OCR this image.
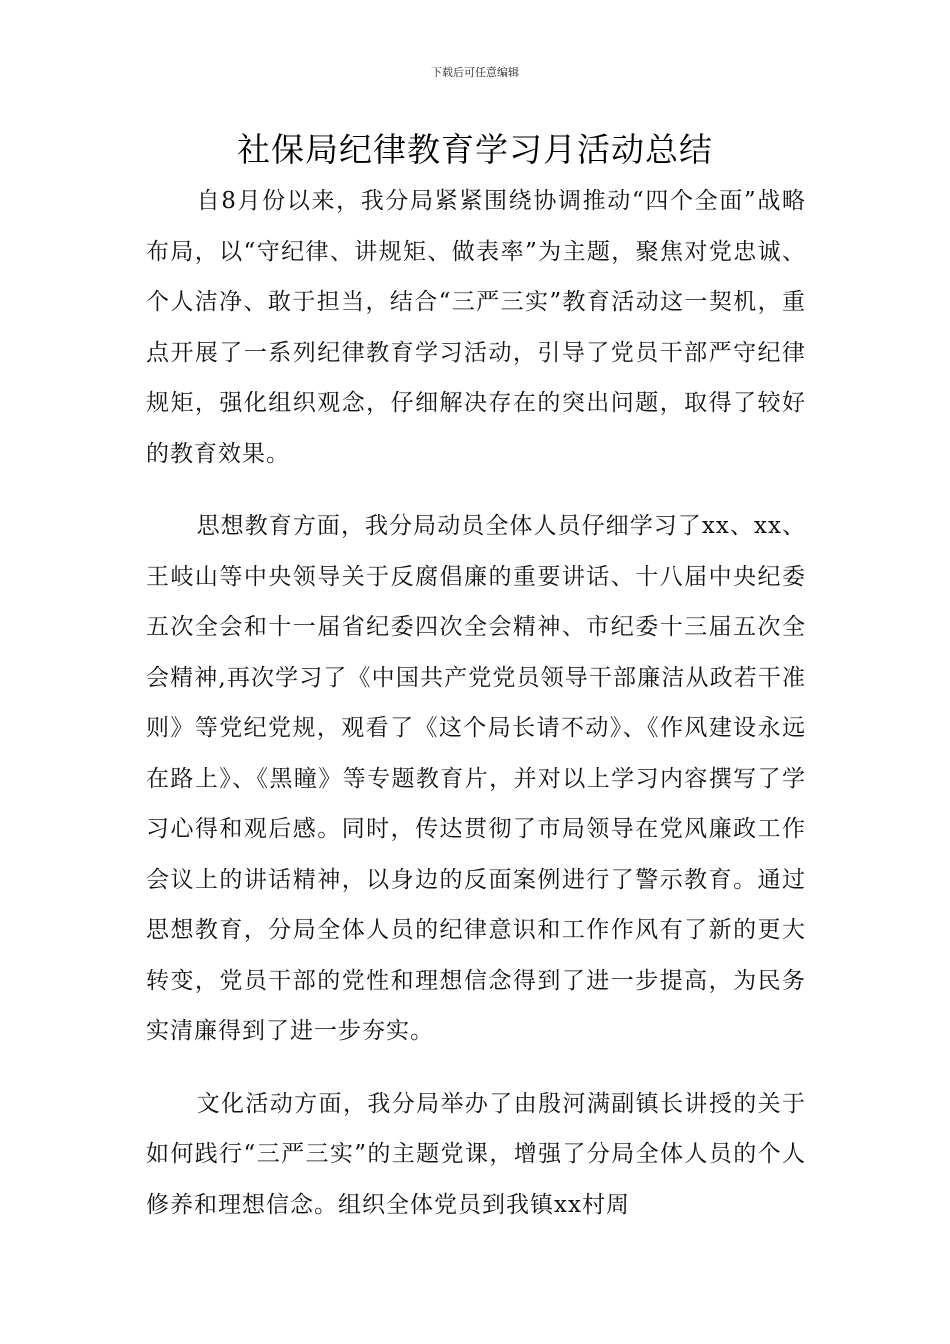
下载后可任意编辑
社保局纪律教育学习月活动总结

自8月份以来，我分局紧紧围绕协调推动“四个全面”战略布局，以“守纪律、讲规矩、做表率”为主题，聚焦对党忠诚、个人洁净、敢于担当，结合“三严三实”教育活动这一契机，重点开展了一系列纪律教育学习活动，引导了党员干部严守纪律规矩，强化组织观念，仔细解决存在的突出问题，取得了较好的教育效果。

思想教育方面，我分局动员全体人员仔细学习了xx、xx、王岐山等中央领导关于反腐倡廉的重要讲话、十八届中央纪委五次全会和十一届省纪委四次全会精神、市纪委十三届五次全会精神,再次学习了《中国共产党党员领导干部廉洁从政若干准则》等党纪党规，观看了《这个局长请不动》、《作风建设永远在路上》、《黑瞳》等专题教育片，并对以上学习内容撰写了学习心得和观后感。同时，传达贯彻了市局领导在党风廉政工作会议上的讲话精神，以身边的反面案例进行了警示教育。通过思想教育，分局全体人员的纪律意识和工作作风有了新的更大转变，党员干部的党性和理想信念得到了进一步提高，为民务实清廉得到了进一步夯实。

文化活动方面，我分局举办了由殷河满副镇长讲授的关于如何践行“三严三实”的主题党课，增强了分局全体人员的个人修养和理想信念。组织全体党员到我镇xx村周
